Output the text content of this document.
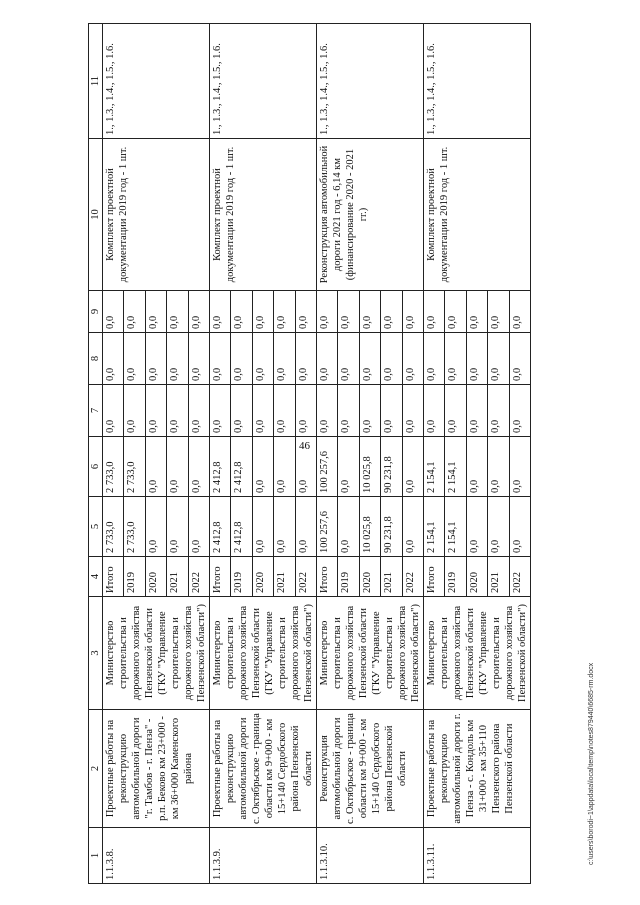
46
1	2	3	4	5	6	7	8	9	10	11
1.1.3.8.	Проектные работы на реконструкцию автомобильной дороги "г. Тамбов - г. Пенза" - р.п. Беково км 23+000 - км 36+000 Каменского района	Министерство строительства и дорожного хозяйства Пензенской области (ГКУ "Управление строительства и дорожного хозяйства Пензенской области")	Итого	2 733,0	2 733,0	0,0	0,0	0,0	Комплект проектной документации 2019 год - 1 шт.	1., 1.3., 1.4., 1.5., 1.6.
			2019	2 733,0	2 733,0	0,0	0,0	0,0		
			2020	0,0	0,0	0,0	0,0	0,0		
			2021	0,0	0,0	0,0	0,0	0,0		
			2022	0,0	0,0	0,0	0,0	0,0		
1.1.3.9.	Проектные работы на реконструкцию автомобильной дороги с. Октябрьское - граница области км 9+000 - км 15+140 Сердобского района Пензенской области	Министерство строительства и дорожного хозяйства Пензенской области (ГКУ "Управление строительства и дорожного хозяйства Пензенской области")	Итого	2 412,8	2 412,8	0,0	0,0	0,0	Комплект проектной документации 2019 год - 1 шт.	1., 1.3., 1.4., 1.5., 1.6.
			2019	2 412,8	2 412,8	0,0	0,0	0,0		
			2020	0,0	0,0	0,0	0,0	0,0		
			2021	0,0	0,0	0,0	0,0	0,0		
			2022	0,0	0,0	0,0	0,0	0,0		
1.1.3.10.	Реконструкция автомобильной дороги с. Октябрьское - граница области км 9+000 - км 15+140 Сердобского района Пензенской области	Министерство строительства и дорожного хозяйства Пензенской области (ГКУ "Управление строительства и дорожного хозяйства Пензенской области")	Итого	100 257,6	100 257,6	0,0	0,0	0,0	Реконструкция автомобильной дороги 2021 год - 6,14 км (финансирование 2020 - 2021 гг.)	1., 1.3., 1.4., 1.5., 1.6.
			2019	0,0	0,0	0,0	0,0	0,0		
			2020	10 025,8	10 025,8	0,0	0,0	0,0		
			2021	90 231,8	90 231,8	0,0	0,0	0,0		
			2022	0,0	0,0	0,0	0,0	0,0		
1.1.3.11.	Проектные работы на реконструкцию автомобильной дороги г. Пенза - с. Кондоль км 31+000 - км 35+110 Пензенского района Пензенской области	Министерство строительства и дорожного хозяйства Пензенской области (ГКУ "Управление строительства и дорожного хозяйства Пензенской области")	Итого	2 154,1	2 154,1	0,0	0,0	0,0	Комплект проектной документации 2019 год - 1 шт.	1., 1.3., 1.4., 1.5., 1.6.
			2019	2 154,1	2 154,1	0,0	0,0	0,0		
			2020	0,0	0,0	0,0	0,0	0,0		
			2021	0,0	0,0	0,0	0,0	0,0		
			2022	0,0	0,0	0,0	0,0	0,0		
c:\users\borodi~1\appdata\local\temp\notes879440\6685-rm.docx
